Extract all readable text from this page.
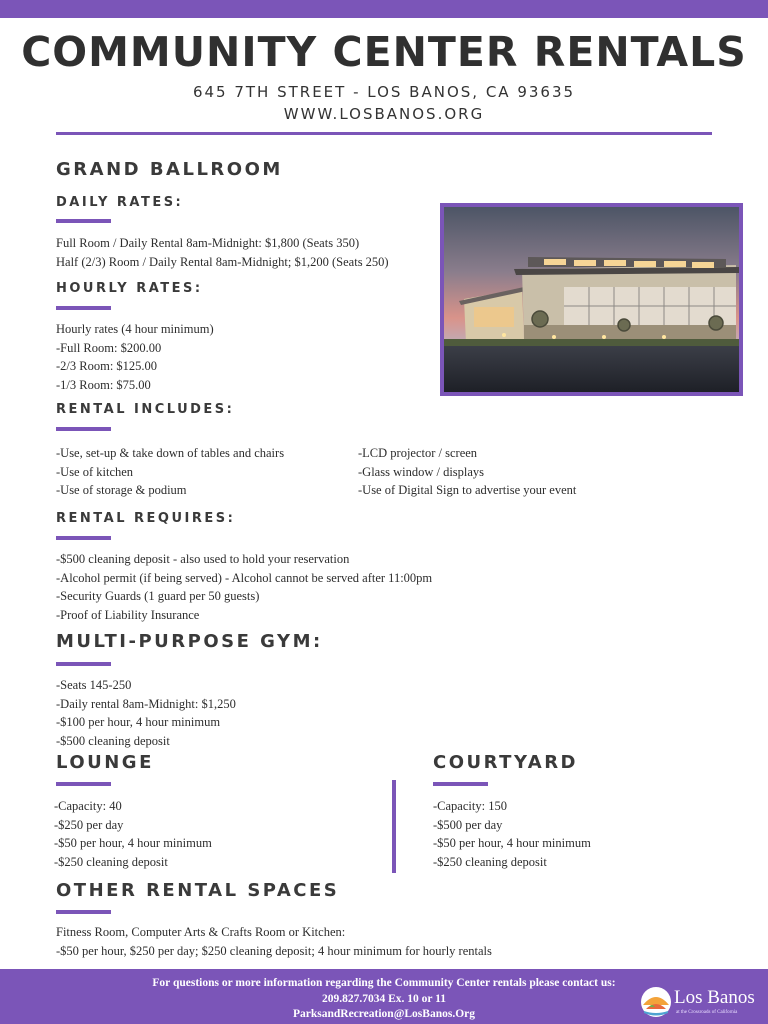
COMMUNITY CENTER RENTALS
645 7TH STREET - LOS BANOS, CA 93635
WWW.LOSBANOS.ORG
GRAND BALLROOM
DAILY RATES:
Full Room / Daily Rental 8am-Midnight: $1,800 (Seats 350)
Half (2/3) Room / Daily Rental 8am-Midnight; $1,200 (Seats 250)
HOURLY RATES:
Hourly rates (4 hour minimum)
-Full Room: $200.00
-2/3 Room: $125.00
-1/3 Room: $75.00
RENTAL INCLUDES:
-Use, set-up & take down of tables and chairs
-Use of kitchen
-Use of storage & podium
-LCD projector / screen
-Glass window / displays
-Use of Digital Sign to advertise your event
RENTAL REQUIRES:
-$500 cleaning deposit - also used to hold your reservation
-Alcohol permit (if being served) - Alcohol cannot be served after 11:00pm
-Security Guards (1 guard per 50 guests)
-Proof of Liability Insurance
MULTI-PURPOSE GYM:
-Seats 145-250
-Daily rental 8am-Midnight: $1,250
-$100 per hour, 4 hour minimum
-$500 cleaning deposit
LOUNGE
-Capacity: 40
-$250 per day
-$50 per hour, 4 hour minimum
-$250 cleaning deposit
COURTYARD
-Capacity: 150
-$500 per day
-$50 per hour, 4 hour minimum
-$250 cleaning deposit
OTHER RENTAL SPACES
Fitness Room, Computer Arts & Crafts Room or Kitchen:
-$50 per hour, $250 per day; $250 cleaning deposit; 4 hour minimum for hourly rentals
For questions or more information regarding the Community Center rentals please contact us:
209.827.7034 Ex. 10 or 11
ParksandRecreation@LosBanos.Org
Los Banos
at the Crossroads of California
